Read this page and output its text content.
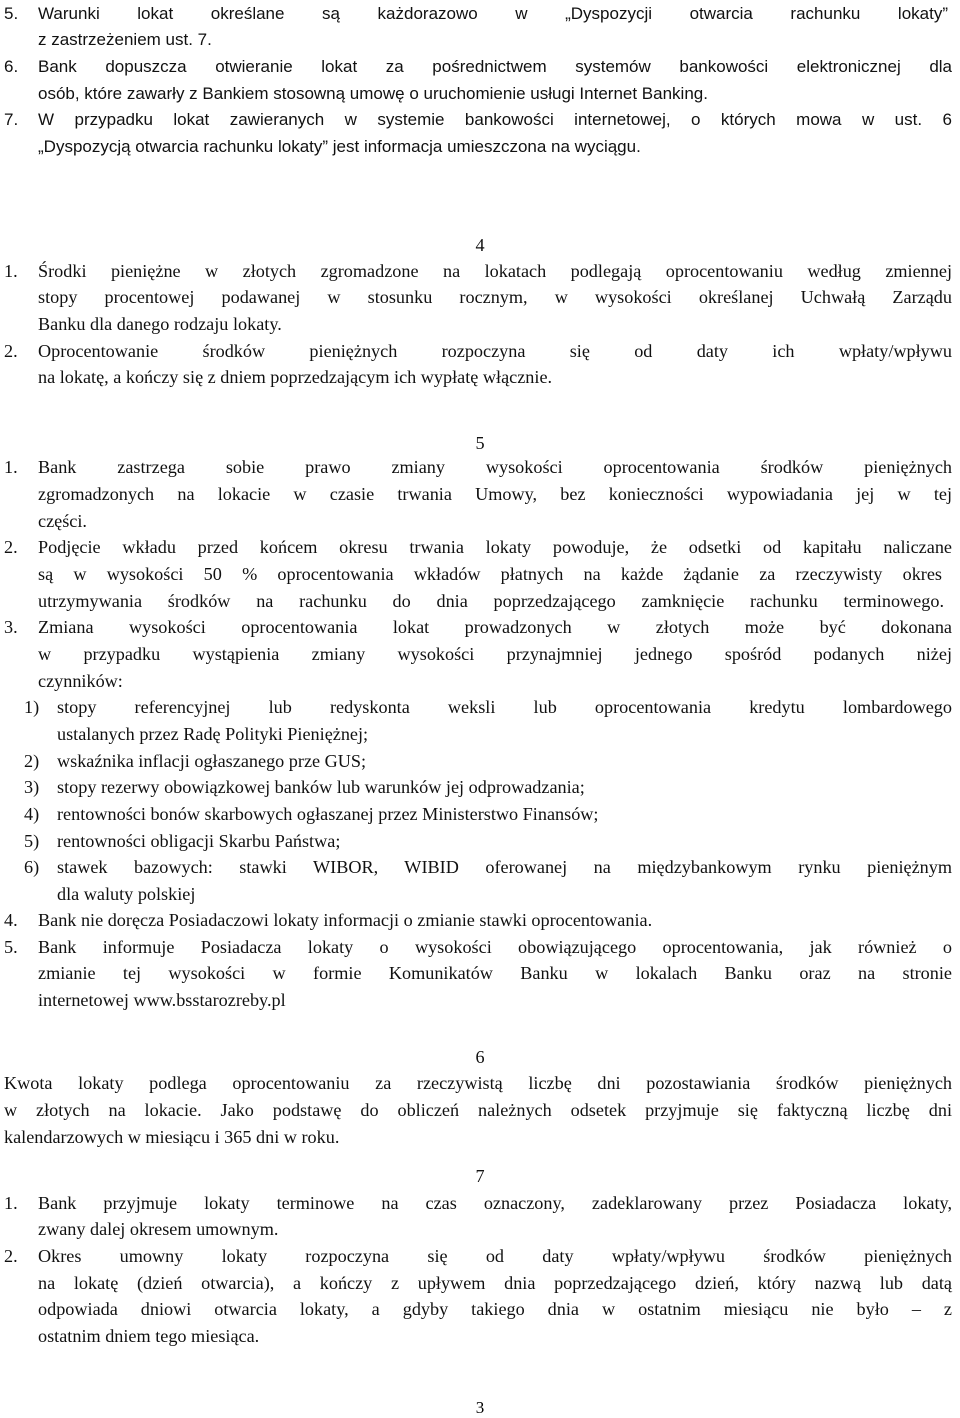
5. Warunki lokat określane są każdorazowo w „Dyspozycji otwarcia rachunku lokaty”
z zastrzeżeniem ust. 7.
6. Bank dopuszcza otwieranie lokat za pośrednictwem systemów bankowości elektronicznej dla
osób, które zawarły z Bankiem stosowną umowę o uruchomienie usługi Internet Banking.
7. W przypadku lokat zawieranych w systemie bankowości internetowej, o których mowa w ust. 6
„Dyspozycją otwarcia rachunku lokaty” jest informacja umieszczona na wyciągu.
4
1. Środki pieniężne w złotych zgromadzone na lokatach podlegają oprocentowaniu według zmiennej
stopy procentowej podawanej w stosunku rocznym, w wysokości określanej Uchwałą Zarządu
Banku dla danego rodzaju lokaty.
2. Oprocentowanie środków pieniężnych rozpoczyna się od daty ich wpłaty/wpływu
na lokatę, a kończy się z dniem poprzedzającym ich wypłatę włącznie.
5
1. Bank zastrzega sobie prawo zmiany wysokości oprocentowania środków pieniężnych
zgromadzonych na lokacie w czasie trwania Umowy, bez konieczności wypowiadania jej w tej
części.
2. Podjęcie wkładu przed końcem okresu trwania lokaty powoduje, że odsetki od kapitału naliczane
są w wysokości 50 % oprocentowania wkładów płatnych na każde żądanie za rzeczywisty okres
utrzymywania środków na rachunku do dnia poprzedzającego zamknięcie rachunku terminowego.
3. Zmiana wysokości oprocentowania lokat prowadzonych w złotych może być dokonana
w przypadku wystąpienia zmiany wysokości przynajmniej jednego spośród podanych niżej
czynników:
1) stopy referencyjnej lub redyskonta weksli lub oprocentowania kredytu lombardowego
ustalanych przez Radę Polityki Pieniężnej;
2) wskaźnika inflacji ogłaszanego prze GUS;
3) stopy rezerwy obowiązkowej banków lub warunków jej odprowadzania;
4) rentowności bonów skarbowych ogłaszanej przez Ministerstwo Finansów;
5) rentowności obligacji Skarbu Państwa;
6) stawek bazowych: stawki WIBOR, WIBID oferowanej na międzybankowym rynku pieniężnym
dla waluty polskiej
4. Bank nie doręcza Posiadaczowi lokaty informacji o zmianie stawki oprocentowania.
5. Bank informuje Posiadacza lokaty o wysokości obowiązującego oprocentowania, jak również o
zmianie tej wysokości w formie Komunikatów Banku w lokalach Banku oraz na stronie
internetowej www.bsstarozreby.pl
6
Kwota lokaty podlega oprocentowaniu za rzeczywistą liczbę dni pozostawiania środków pieniężnych
w złotych na lokacie. Jako podstawę do obliczeń należnych odsetek przyjmuje się faktyczną liczbę dni
kalendarzowych w miesiącu i 365 dni w roku.
7
1. Bank przyjmuje lokaty terminowe na czas oznaczony, zadeklarowany przez Posiadacza lokaty,
zwany dalej okresem umownym.
2. Okres umowny lokaty rozpoczyna się od daty wpłaty/wpływu środków pieniężnych
na lokatę (dzień otwarcia), a kończy z upływem dnia poprzedzającego dzień, który nazwą lub datą
odpowiada dniowi otwarcia lokaty, a gdyby takiego dnia w ostatnim miesiącu nie było – z
ostatnim dniem tego miesiąca.
3
